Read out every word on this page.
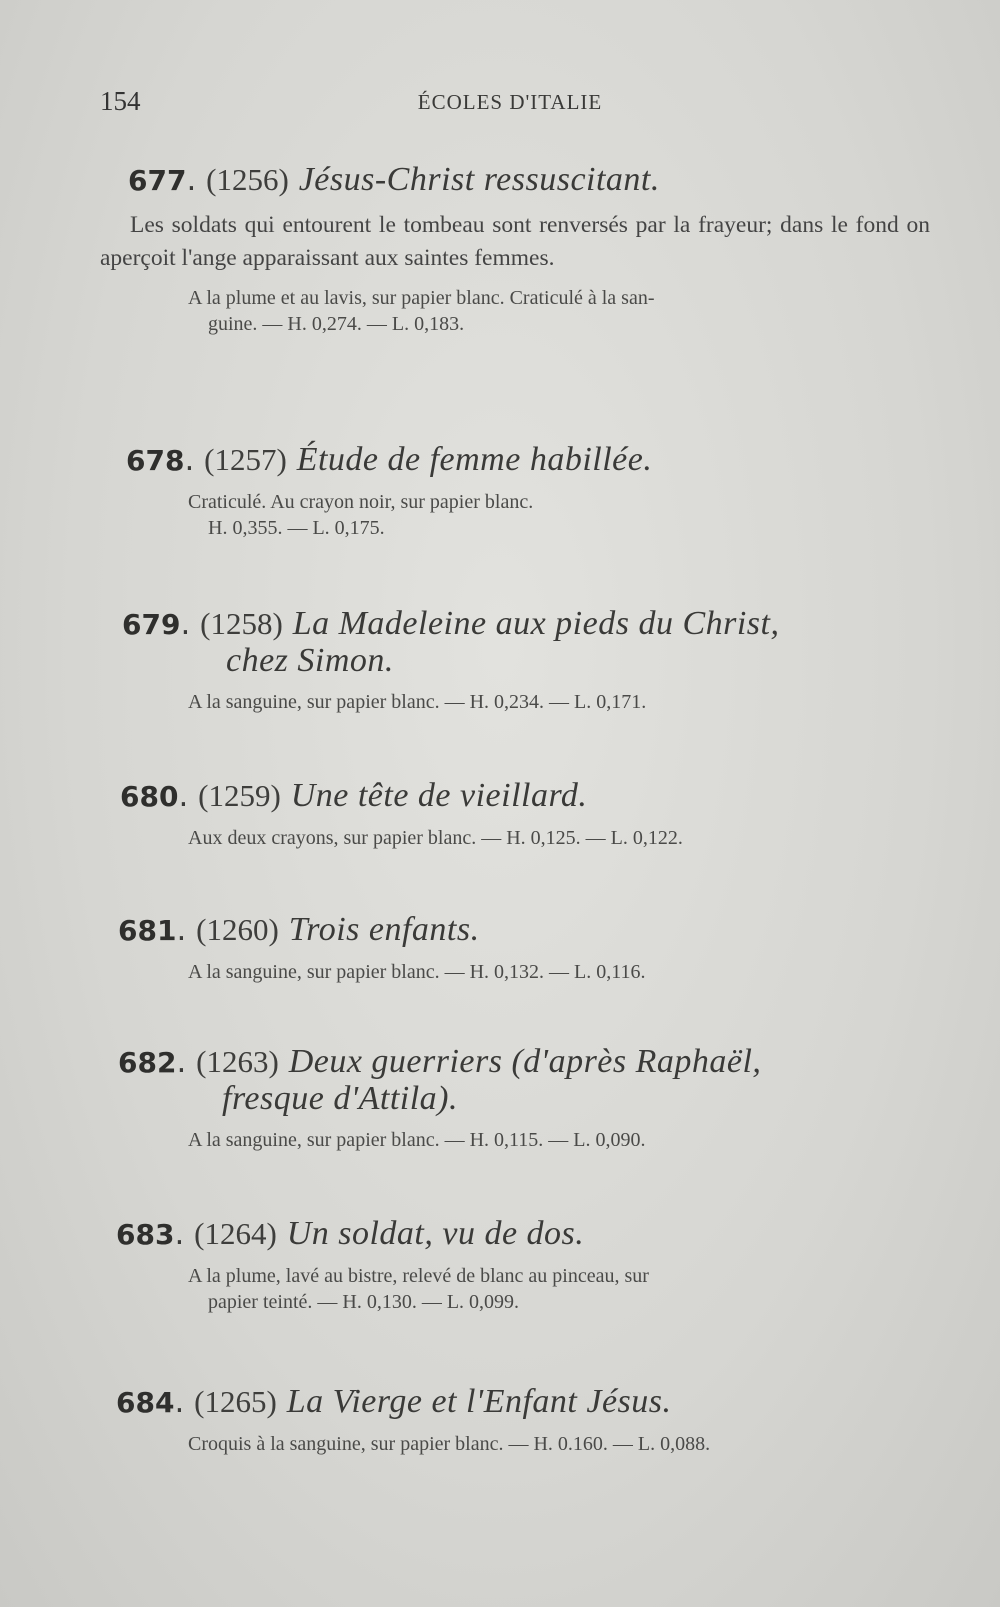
154	ÉCOLES D'ITALIE
677. (1256) Jésus-Christ ressuscitant.
Les soldats qui entourent le tombeau sont renversés par la frayeur; dans le fond on aperçoit l'ange apparaissant aux saintes femmes.
A la plume et au lavis, sur papier blanc. Craticulé à la san-
guine. — H. 0,274. — L. 0,183.
678. (1257) Étude de femme habillée.
Craticulé. Au crayon noir, sur papier blanc.
H. 0,355. — L. 0,175.
679. (1258) La Madeleine aux pieds du Christ,
chez Simon.
A la sanguine, sur papier blanc. — H. 0,234. — L. 0,171.
680. (1259) Une tête de vieillard.
Aux deux crayons, sur papier blanc. — H. 0,125. — L. 0,122.
681. (1260) Trois enfants.
A la sanguine, sur papier blanc. — H. 0,132. — L. 0,116.
682. (1263) Deux guerriers (d'après Raphaël,
fresque d'Attila).
A la sanguine, sur papier blanc. — H. 0,115. — L. 0,090.
683. (1264) Un soldat, vu de dos.
A la plume, lavé au bistre, relevé de blanc au pinceau, sur
papier teinté. — H. 0,130. — L. 0,099.
684. (1265) La Vierge et l'Enfant Jésus.
Croquis à la sanguine, sur papier blanc. — H. 0.160. — L. 0,088.
